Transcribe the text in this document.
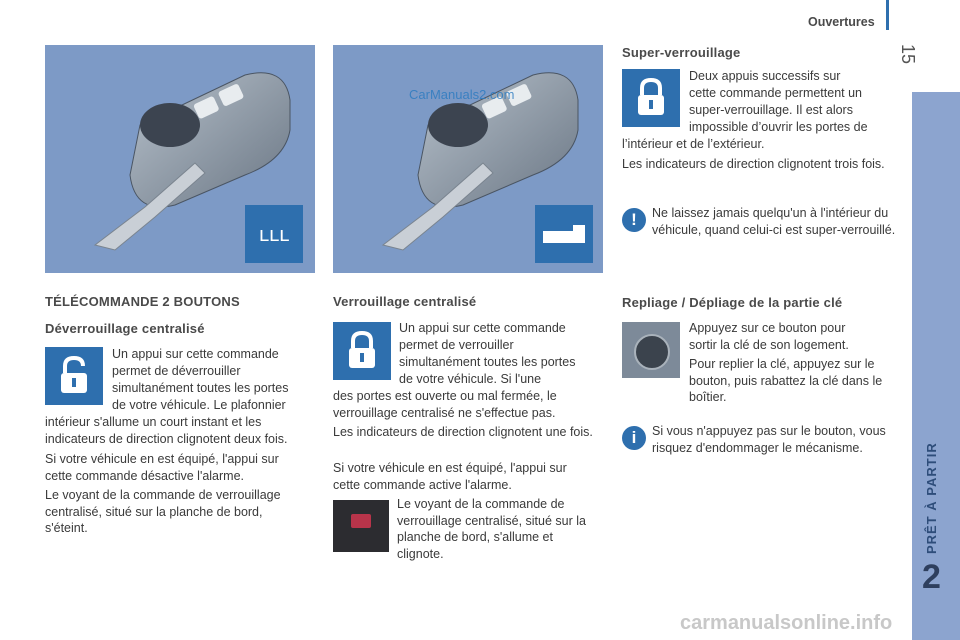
Ouvertures
15
PRÊT À PARTIR
2
ʟʟʟ
CarManuals2.com
TÉLÉCOMMANDE 2 BOUTONS
Déverrouillage centralisé

Un appui sur cette commande

permet de déverrouiller

simultanément toutes les portes

de votre véhicule. Le plafonnier

intérieur s'allume un court instant et les indicateurs de direction clignotent deux fois.

Si votre véhicule en est équipé, l'appui sur cette commande désactive l'alarme.

Le voyant de la commande de verrouillage centralisé, situé sur la planche de bord, s'éteint.

Verrouillage centralisé

Un appui sur cette commande

permet de verrouiller

simultanément toutes les portes

de votre véhicule. Si l'une

des portes est ouverte ou mal fermée, le verrouillage centralisé ne s'effectue pas.

Les indicateurs de direction clignotent une fois.

Si votre véhicule en est équipé, l'appui sur cette commande active l'alarme.

Le voyant de la commande de verrouillage centralisé, situé sur la planche de bord, s'allume et clignote.

Super-verrouillage

Deux appuis successifs sur

cette commande permettent un

super-verrouillage. Il est alors

impossible d’ouvrir les portes de

l’intérieur et de l’extérieur.

Les indicateurs de direction clignotent trois fois.

!	Ne laissez jamais quelqu'un à l'intérieur du véhicule, quand celui-ci est super-verrouillé.

Repliage / Dépliage de la partie clé

Appuyez sur ce bouton pour sortir la clé de son logement.

Pour replier la clé, appuyez sur le bouton, puis rabattez la clé dans le boîtier.

i	Si vous n'appuyez pas sur le bouton, vous risquez d'endommager le mécanisme.

carmanualsonline.info
